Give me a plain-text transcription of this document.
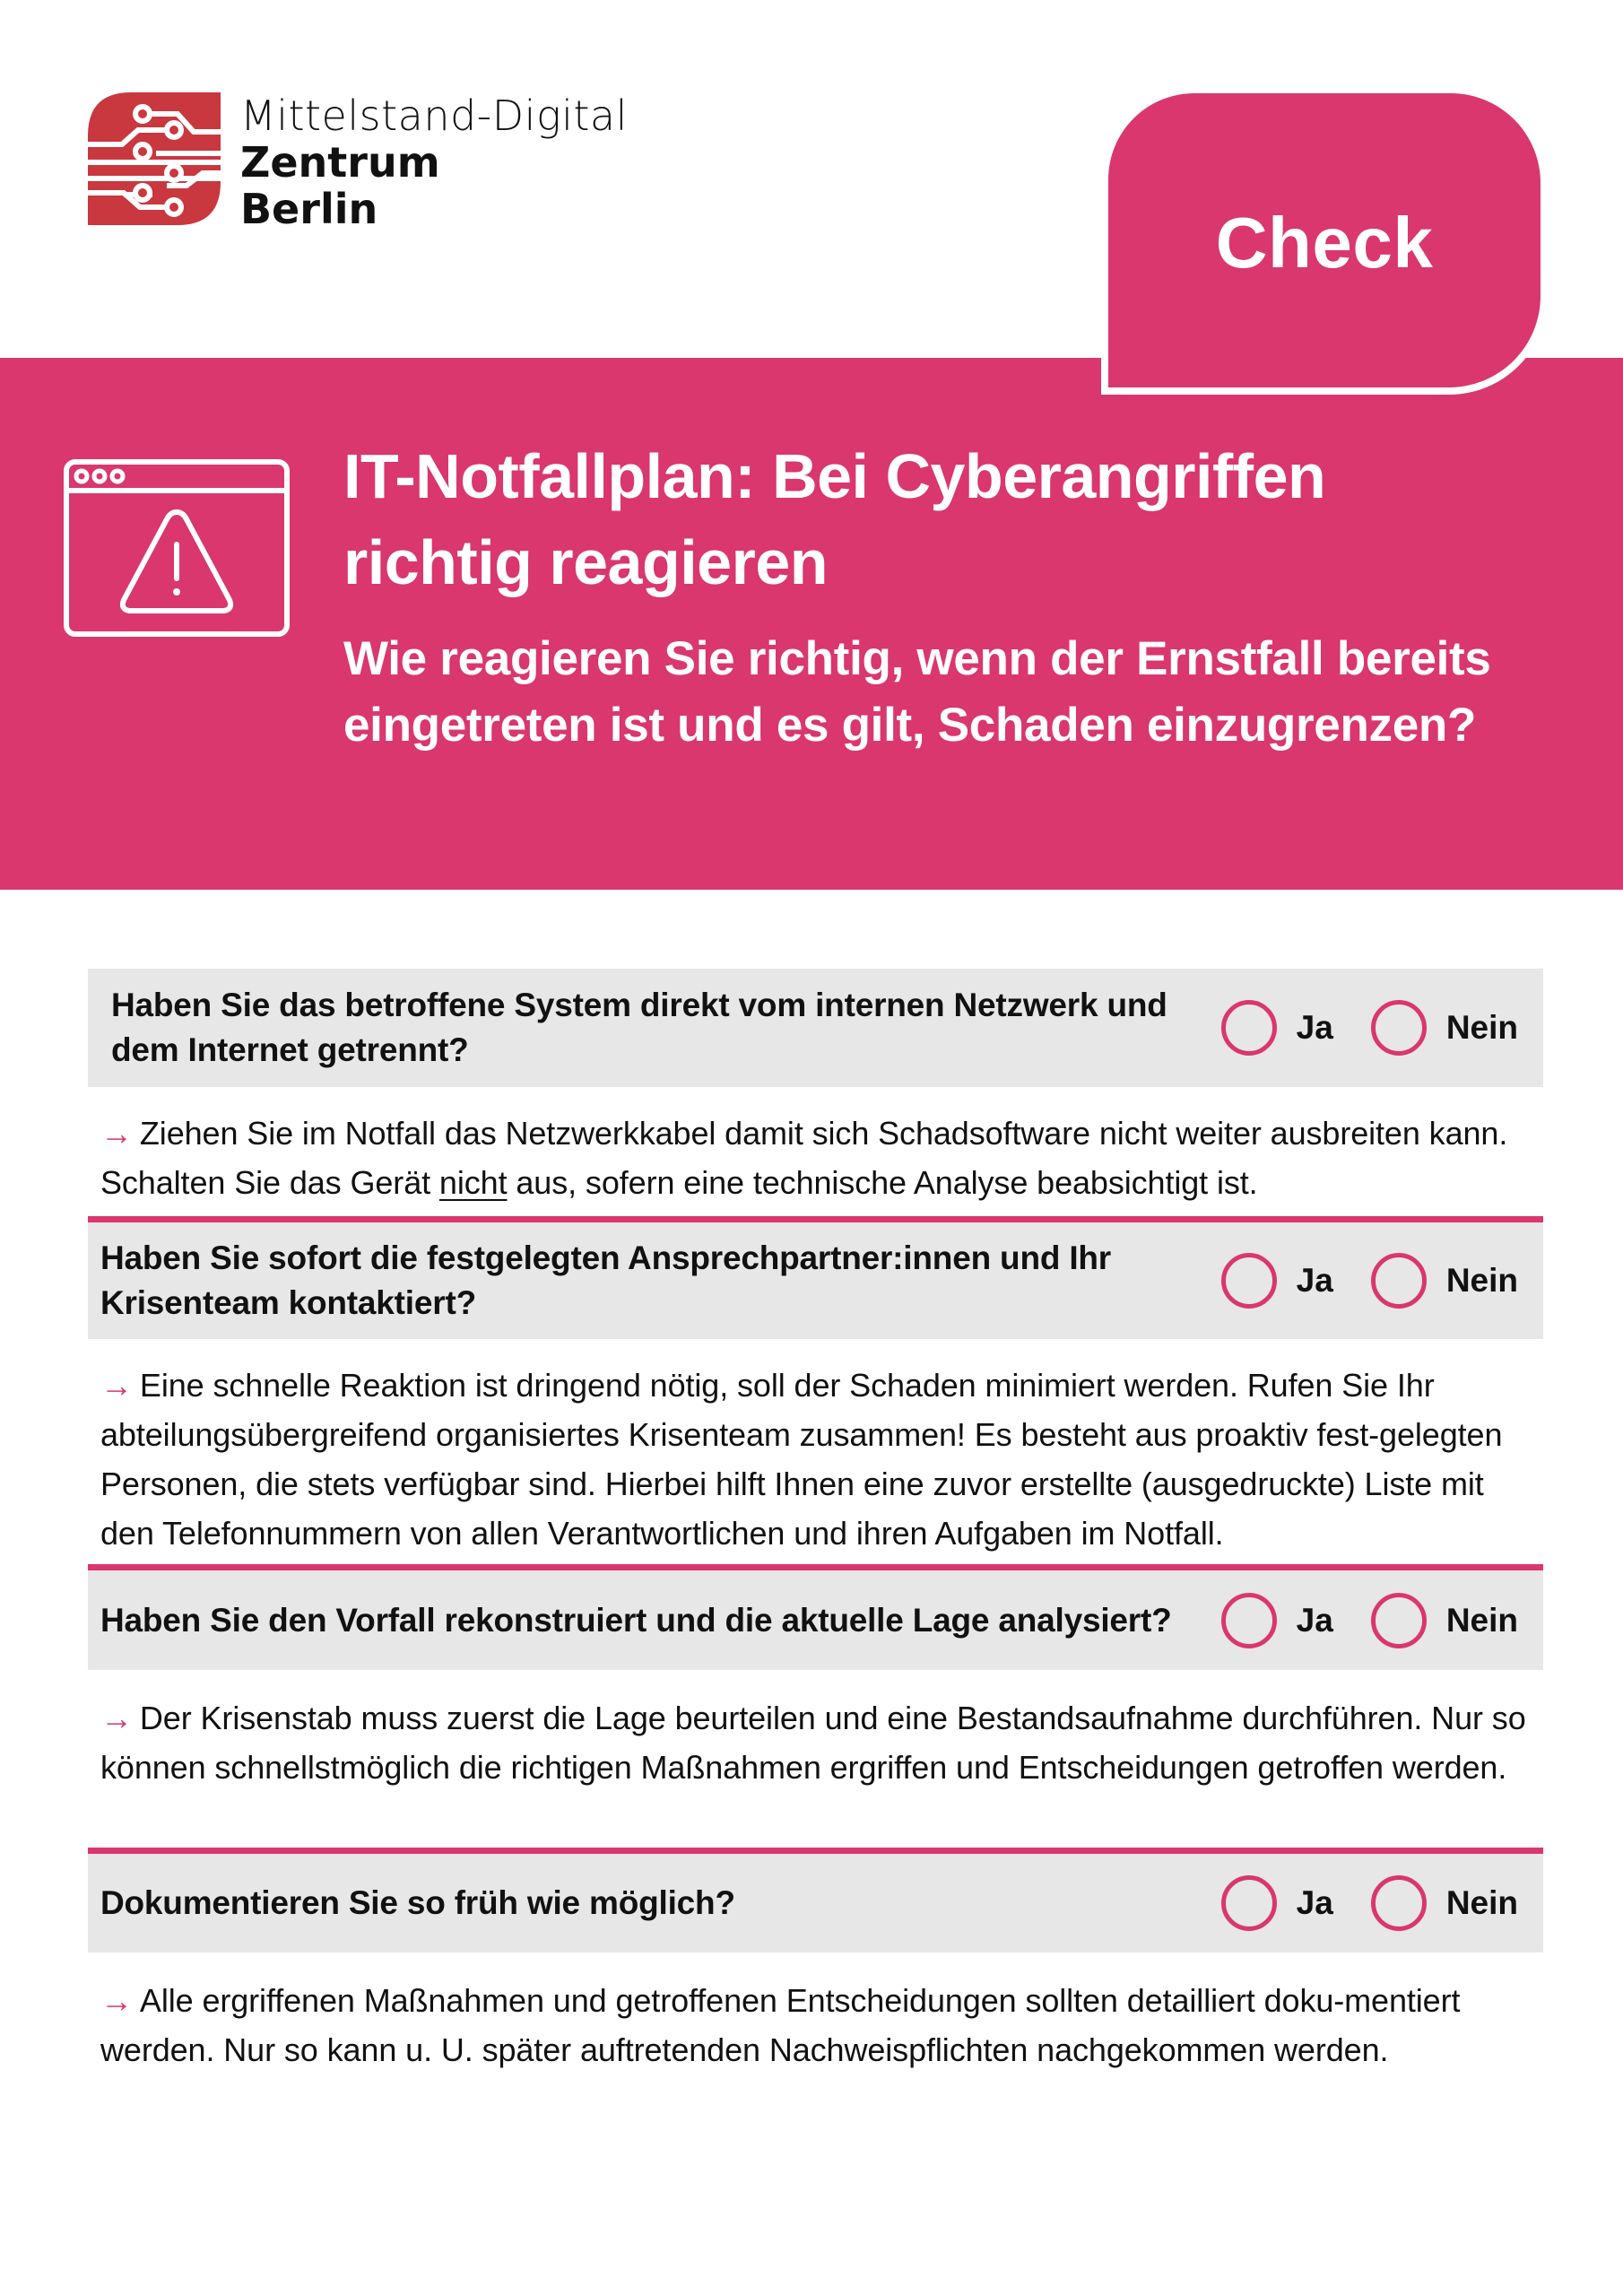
Mittelstand-Digital
Zentrum
Berlin	Check
IT-Notfallplan: Bei Cyberangriffen richtig reagieren
Wie reagieren Sie richtig, wenn der Ernstfall bereits eingetreten ist und es gilt, Schaden einzugrenzen?
Haben Sie das betroffene System direkt vom internen Netzwerk und dem Internet getrennt?
Ja	Nein
→ Ziehen Sie im Notfall das Netzwerkkabel damit sich Schadsoftware nicht weiter ausbreiten kann. Schalten Sie das Gerät nicht aus, sofern eine technische Analyse beabsichtigt ist.
Haben Sie sofort die festgelegten Ansprechpartner:innen und Ihr Krisenteam kontaktiert?
Ja	Nein
→ Eine schnelle Reaktion ist dringend nötig, soll der Schaden minimiert werden. Rufen Sie Ihr abteilungsübergreifend organisiertes Krisenteam zusammen! Es besteht aus proaktiv fest-gelegten Personen, die stets verfügbar sind. Hierbei hilft Ihnen eine zuvor erstellte (ausgedruckte) Liste mit den Telefonnummern von allen Verantwortlichen und ihren Aufgaben im Notfall.
Haben Sie den Vorfall rekonstruiert und die aktuelle Lage analysiert?	Ja	Nein
→ Der Krisenstab muss zuerst die Lage beurteilen und eine Bestandsaufnahme durchführen. Nur so können schnellstmöglich die richtigen Maßnahmen ergriffen und Entscheidungen getroffen werden.
Dokumentieren Sie so früh wie möglich?	Ja	Nein
→ Alle ergriffenen Maßnahmen und getroffenen Entscheidungen sollten detailliert doku-mentiert werden. Nur so kann u. U. später auftretenden Nachweispflichten nachgekommen werden.
